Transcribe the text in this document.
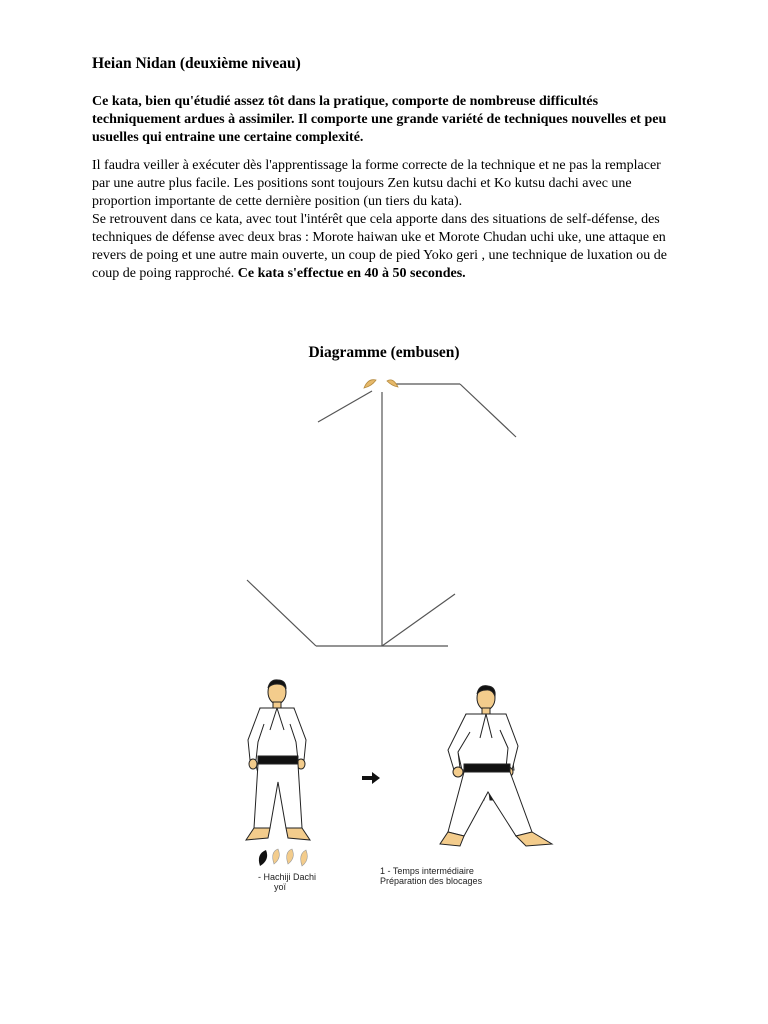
Heian Nidan (deuxième niveau)
Ce kata, bien qu'étudié assez tôt dans la pratique, comporte de nombreuse difficultés techniquement ardues à assimiler. Il comporte une grande variété de techniques nouvelles et peu usuelles qui entraine une certaine complexité.
Il faudra veiller à exécuter dès l'apprentissage la forme correcte de la technique et ne pas la remplacer par une autre plus facile. Les positions sont toujours Zen kutsu dachi et Ko kutsu dachi avec une proportion importante de cette dernière position (un tiers du kata).
Se retrouvent dans ce kata, avec tout l'intérêt que cela apporte dans des situations de self-défense, des techniques de défense avec deux bras : Morote haiwan uke et Morote Chudan uchi uke, une attaque en revers de poing et une autre main ouverte, un coup de pied Yoko geri , une technique de luxation ou de coup de poing rapproché. Ce kata s'effectue en 40 à 50 secondes.
Diagramme (embusen)
- Hachiji Dachi
yoï
1 - Temps intermédiaire
Préparation des blocages
